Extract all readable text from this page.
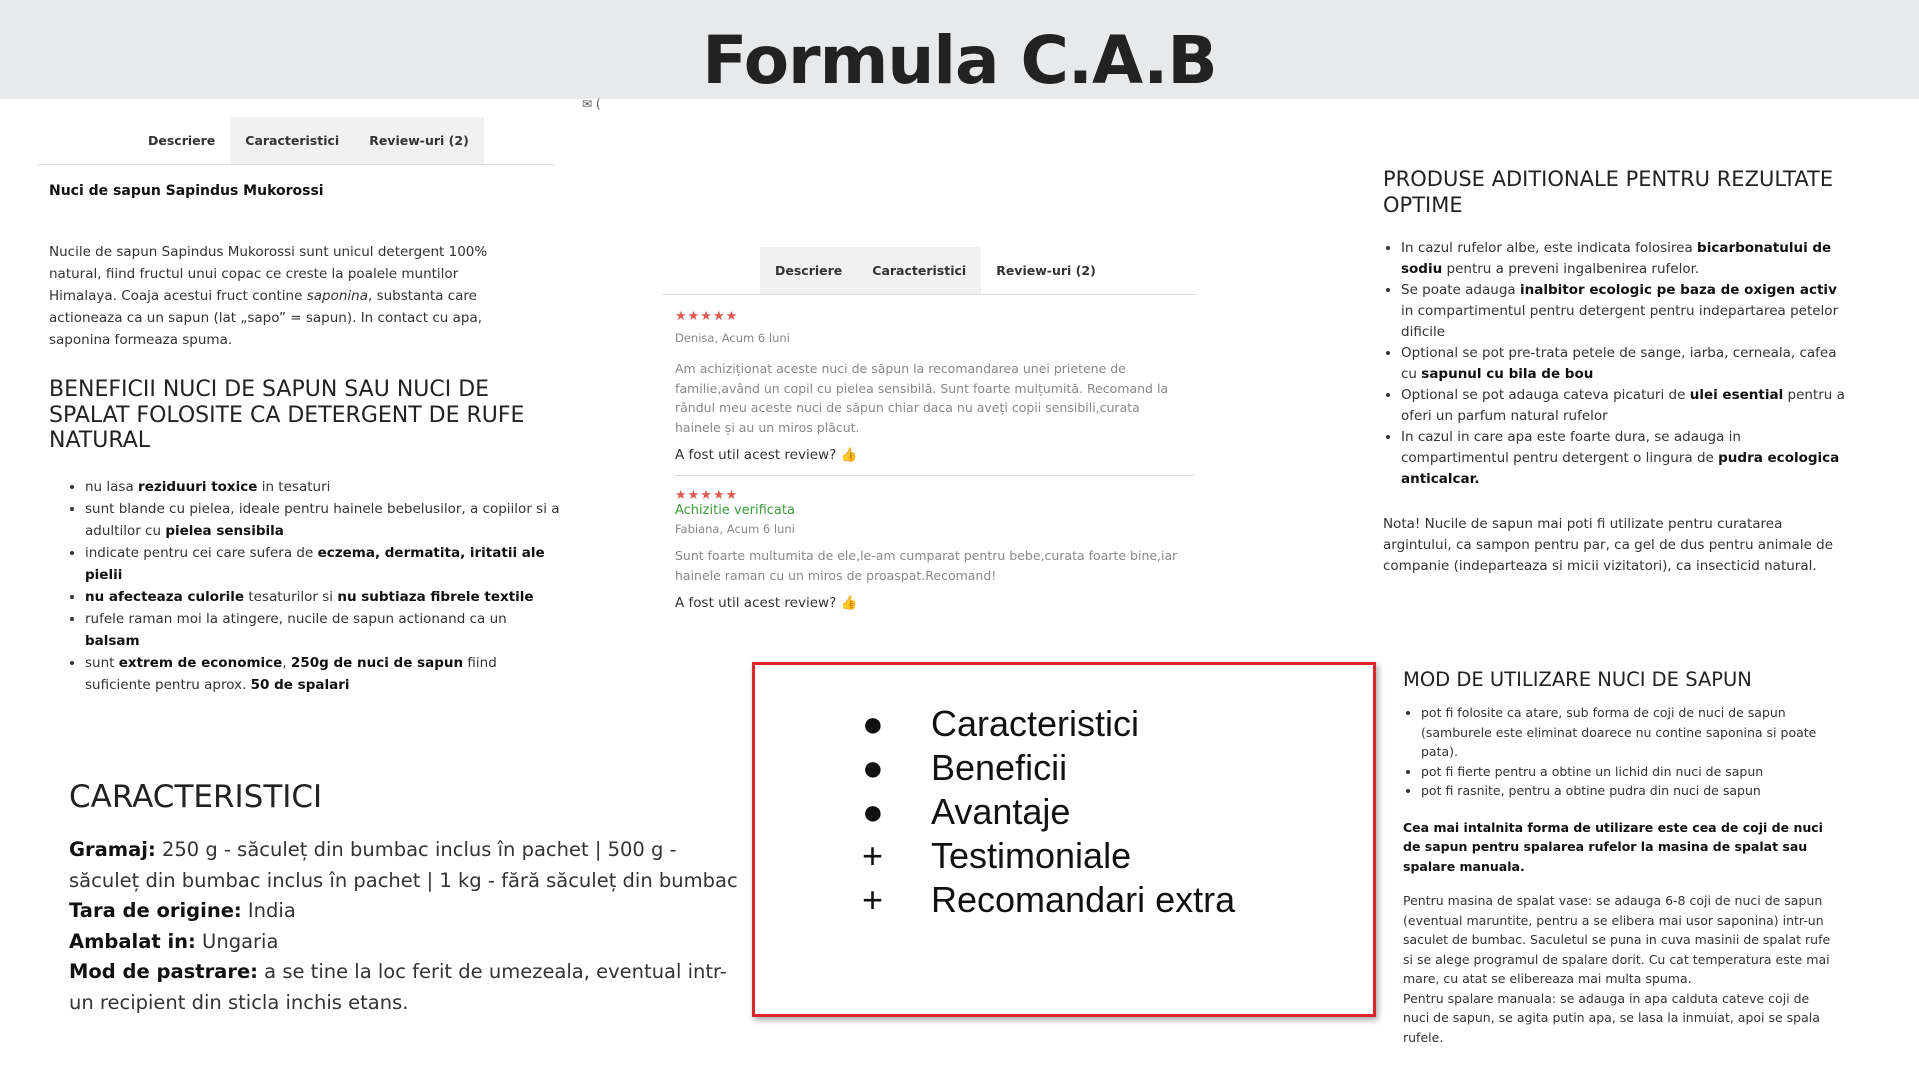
Formula C.A.B
✉ (
Descriere	Caracteristici	Review-uri (2)
Nuci de sapun Sapindus Mukorossi
Nucile de sapun Sapindus Mukorossi sunt unicul detergent 100% natural, fiind fructul unui copac ce creste la poalele muntilor Himalaya. Coaja acestui fruct contine saponina, substanta care actioneaza ca un sapun (lat „sapo” = sapun). In contact cu apa, saponina formeaza spuma.
BENEFICII NUCI DE SAPUN SAU NUCI DE SPALAT FOLOSITE CA DETERGENT DE RUFE NATURAL
• nu lasa reziduuri toxice in tesaturi
• sunt blande cu pielea, ideale pentru hainele bebelusilor, a copiilor si a adultilor cu pielea sensibila
• indicate pentru cei care sufera de eczema, dermatita, iritatii ale pielii
• nu afecteaza culorile tesaturilor si nu subtiaza fibrele textile
• rufele raman moi la atingere, nucile de sapun actionand ca un balsam
• sunt extrem de economice, 250g de nuci de sapun fiind suficiente pentru aprox. 50 de spalari
CARACTERISTICI
Gramaj: 250 g - săculeț din bumbac inclus în pachet | 500 g - săculeț din bumbac inclus în pachet | 1 kg - fără săculeț din bumbac
Tara de origine: India
Ambalat in: Ungaria
Mod de pastrare: a se tine la loc ferit de umezeala, eventual intr-un recipient din sticla inchis etans.
Descriere	Caracteristici	Review-uri (2)
★★★★★
Denisa, Acum 6 luni
Am achiziționat aceste nuci de săpun la recomandarea unei prietene de familie,având un copil cu pielea sensibilă. Sunt foarte mulțumită. Recomand la rândul meu aceste nuci de săpun chiar daca nu aveți copii sensibili,curata hainele și au un miros plăcut.
A fost util acest review? 👍
★★★★★
Achizitie verificata
Fabiana, Acum 6 luni
Sunt foarte multumita de ele,le-am cumparat pentru bebe,curata foarte bine,iar hainele raman cu un miros de proaspat.Recomand!
A fost util acest review? 👍
● Caracteristici
● Beneficii
● Avantaje
+ Testimoniale
+ Recomandari extra
PRODUSE ADITIONALE PENTRU REZULTATE OPTIME
• In cazul rufelor albe, este indicata folosirea bicarbonatului de sodiu pentru a preveni ingalbenirea rufelor.
• Se poate adauga inalbitor ecologic pe baza de oxigen activ in compartimentul pentru detergent pentru indepartarea petelor dificile
• Optional se pot pre-trata petele de sange, iarba, cerneala, cafea cu sapunul cu bila de bou
• Optional se pot adauga cateva picaturi de ulei esential pentru a oferi un parfum natural rufelor
• In cazul in care apa este foarte dura, se adauga in compartimentul pentru detergent o lingura de pudra ecologica anticalcar.
Nota! Nucile de sapun mai poti fi utilizate pentru curatarea argintului, ca sampon pentru par, ca gel de dus pentru animale de companie (indeparteaza si micii vizitatori), ca insecticid natural.
MOD DE UTILIZARE NUCI DE SAPUN
• pot fi folosite ca atare, sub forma de coji de nuci de sapun (samburele este eliminat doarece nu contine saponina si poate pata).
• pot fi fierte pentru a obtine un lichid din nuci de sapun
• pot fi rasnite, pentru a obtine pudra din nuci de sapun
Cea mai intalnita forma de utilizare este cea de coji de nuci de sapun pentru spalarea rufelor la masina de spalat sau spalare manuala.
Pentru masina de spalat vase: se adauga 6-8 coji de nuci de sapun (eventual maruntite, pentru a se elibera mai usor saponina) intr-un saculet de bumbac. Saculetul se puna in cuva masinii de spalat rufe si se alege programul de spalare dorit. Cu cat temperatura este mai mare, cu atat se elibereaza mai multa spuma.
Pentru spalare manuala: se adauga in apa calduta cateve coji de nuci de sapun, se agita putin apa, se lasa la inmuiat, apoi se spala rufele.
